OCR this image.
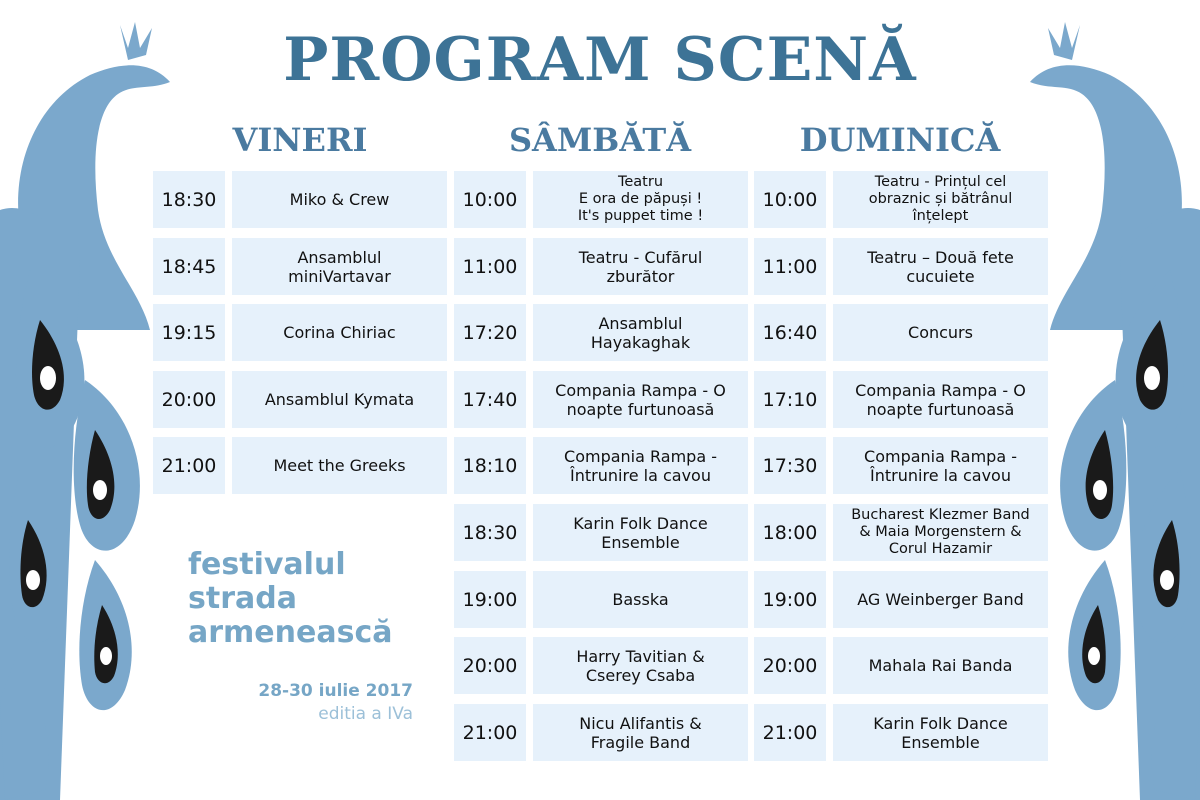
PROGRAM SCENĂ
VINERI
18:30	Miko & Crew
18:45	Ansamblul
miniVartavar
19:15	Corina Chiriac
20:00	Ansamblul Kymata
21:00	Meet the Greeks
SÂMBĂTĂ
10:00
Teatru
E ora de păpuși !
It's puppet time !
11:00	Teatru - Cufărul
zburător
17:20	Ansamblul
Hayakaghak
17:40	Compania Rampa - O
noapte furtunoasă
18:10	Compania Rampa -
Întrunire la cavou
18:30	Karin Folk Dance
Ensemble
19:00	Basska
20:00	Harry Tavitian &
Cserey Csaba
21:00	Nicu Alifantis &
Fragile Band
DUMINICĂ
10:00
Teatru - Prințul cel
obraznic și bătrânul
înțelept
11:00	Teatru – Două fete
cucuiete
16:40	Concurs
17:10	Compania Rampa - O
noapte furtunoasă
17:30	Compania Rampa -
Întrunire la cavou
18:00
Bucharest Klezmer Band
& Maia Morgenstern &
Corul Hazamir
19:00	AG Weinberger Band
20:00	Mahala Rai Banda
21:00	Karin Folk Dance
Ensemble
festivalul
strada
armenească
28-30 iulie 2017
editia a IVa
